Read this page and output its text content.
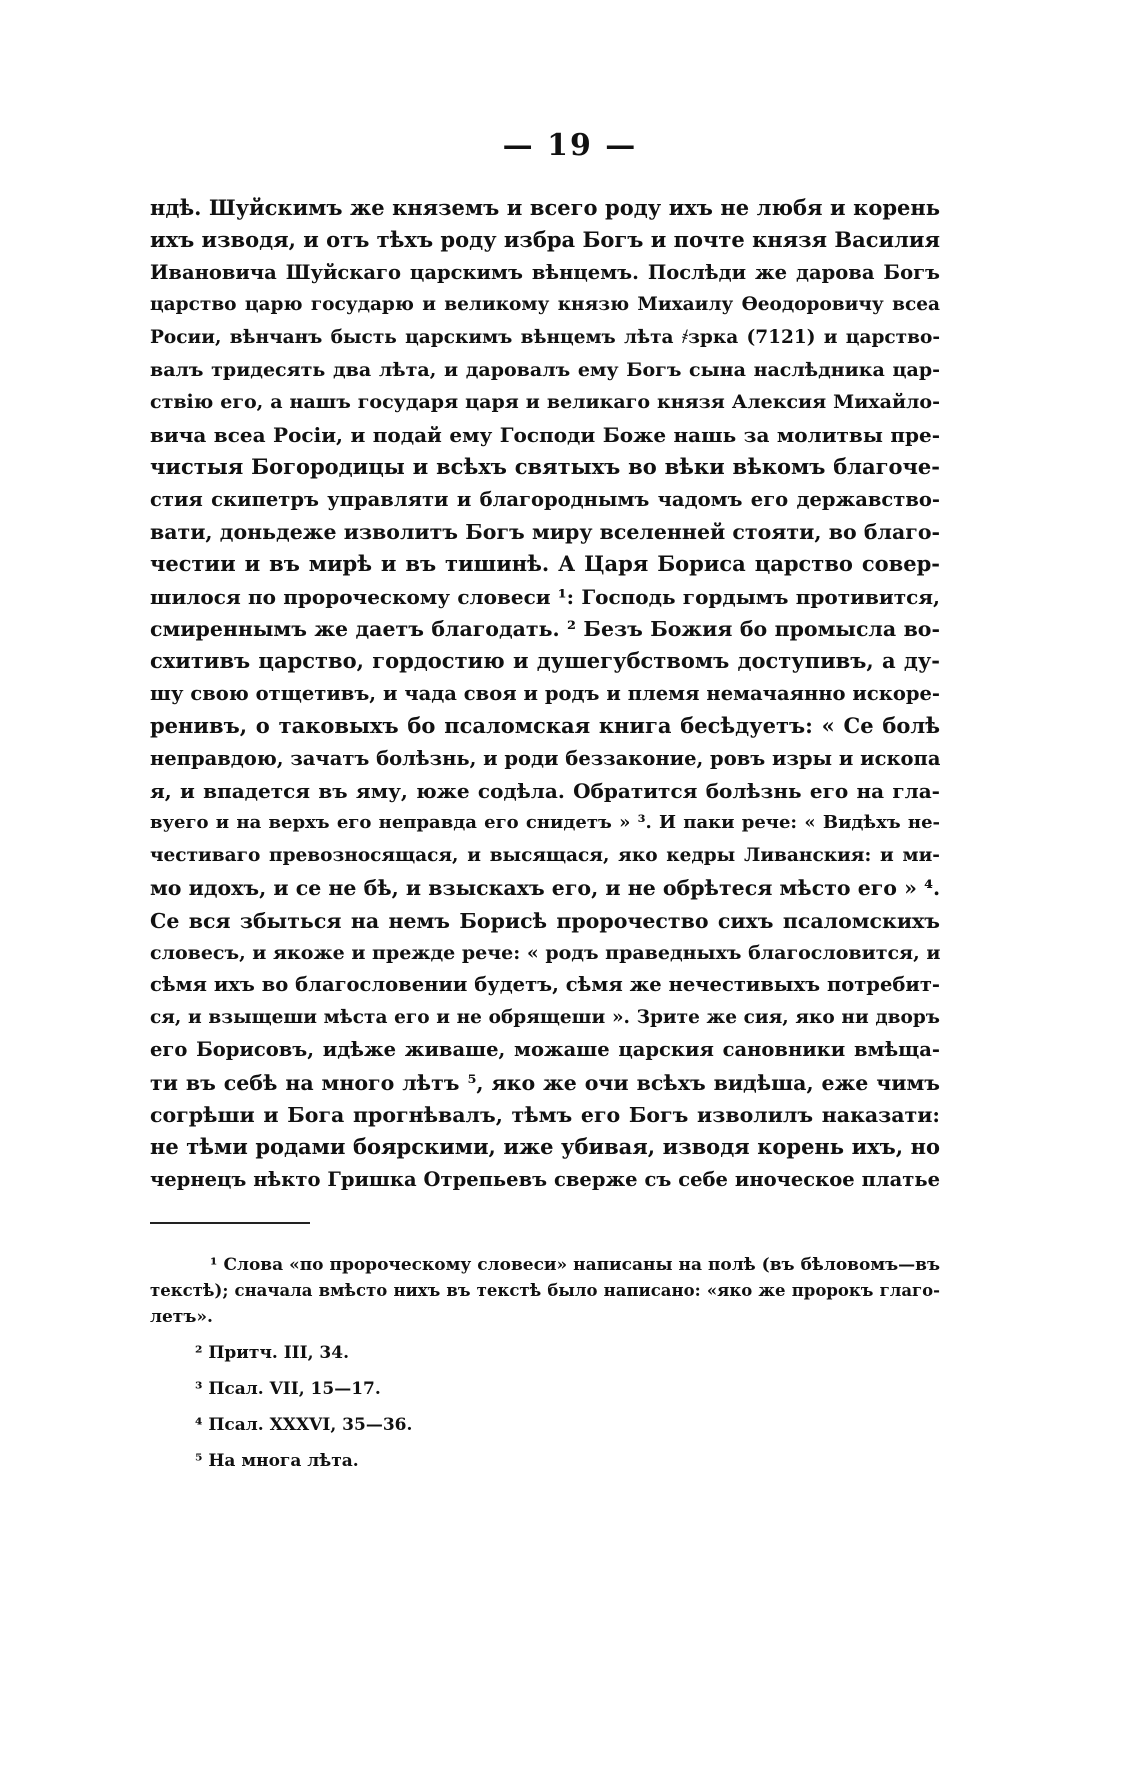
— 19 —
ндѣ. Шуйскимъ же княземъ и всего роду ихъ не любя и корень
ихъ изводя, и отъ тѣхъ роду избра Богъ и почте князя Василия
Ивановича Шуйскаго царскимъ вѣнцемъ. Послѣди же дарова Богъ
царство царю государю и великому князю Михаилу Ѳеодоровичу всеа
Росии, вѣнчанъ бысть царскимъ вѣнцемъ лѣта ҂зрка (7121) и царство-
валъ тридесять два лѣта, и даровалъ ему Богъ сына наслѣдника цар-
ствію его, а нашъ государя царя и великаго князя Алексия Михайло-
вича всеа Росiи, и подай ему Господи Боже нашь за молитвы пре-
чистыя Богородицы и всѣхъ святыхъ во вѣки вѣкомъ благоче-
стия скипетръ управляти и благороднымъ чадомъ его державство-
вати, доньдеже изволитъ Богъ миру вселенней стояти, во благо-
честии и въ мирѣ и въ тишинѣ. А Царя Бориса царство совер-
шилося по пророческому словеси ¹: Господь гордымъ противится,
смиреннымъ же даетъ благодать. ² Безъ Божия бо промысла во-
схитивъ царство, гордостию и душегубствомъ доступивъ, а ду-
шу свою отщетивъ, и чада своя и родъ и племя немачаянно искоре-
ренивъ, о таковыхъ бо псаломская книга бесѣдуетъ: « Се болѣ
неправдою, зачатъ болѣзнь, и роди беззаконие, ровъ изры и ископа
я, и впадется въ яму, юже содѣла. Обратится болѣзнь его на гла-
вуего и на верхъ его неправда его снидетъ » ³. И паки рече: « Видѣхъ не-
честиваго превозносящася, и высящася, яко кедры Ливанския: и ми-
мо идохъ, и се не бѣ, и взыскахъ его, и не обрѣтеся мѣсто его » ⁴.
Се вся збыться на немъ Борисѣ пророчество сихъ псаломскихъ
словесъ, и якоже и прежде рече: « родъ праведныхъ благословится, и
сѣмя ихъ во благословении будетъ, сѣмя же нечестивыхъ потребит-
ся, и взыщеши мѣста его и не обрящеши ». Зрите же сия, яко ни дворъ
его Борисовъ, идѣже живаше, можаше царския сановники вмѣщa-
ти въ себѣ на много лѣтъ ⁵, яко же очи всѣхъ видѣша, еже чимъ
согрѣши и Бога прогнѣвалъ, тѣмъ его Богъ изволилъ наказати:
не тѣми родами боярскими, иже убивая, изводя корень ихъ, но
чернецъ нѣкто Гришка Отрепьевъ сверже съ себе иноческое платье
¹ Слова «по пророческому словеси» написаны на полѣ (въ бѣловомъ—въ
текстѣ); сначала вмѣсто нихъ въ текстѣ было написано: «яко же пророкъ глаго-
летъ».
² Притч. III, 34.
³ Псал. VII, 15—17.
⁴ Псал. XXXVI, 35—36.
⁵ На многа лѣта.
